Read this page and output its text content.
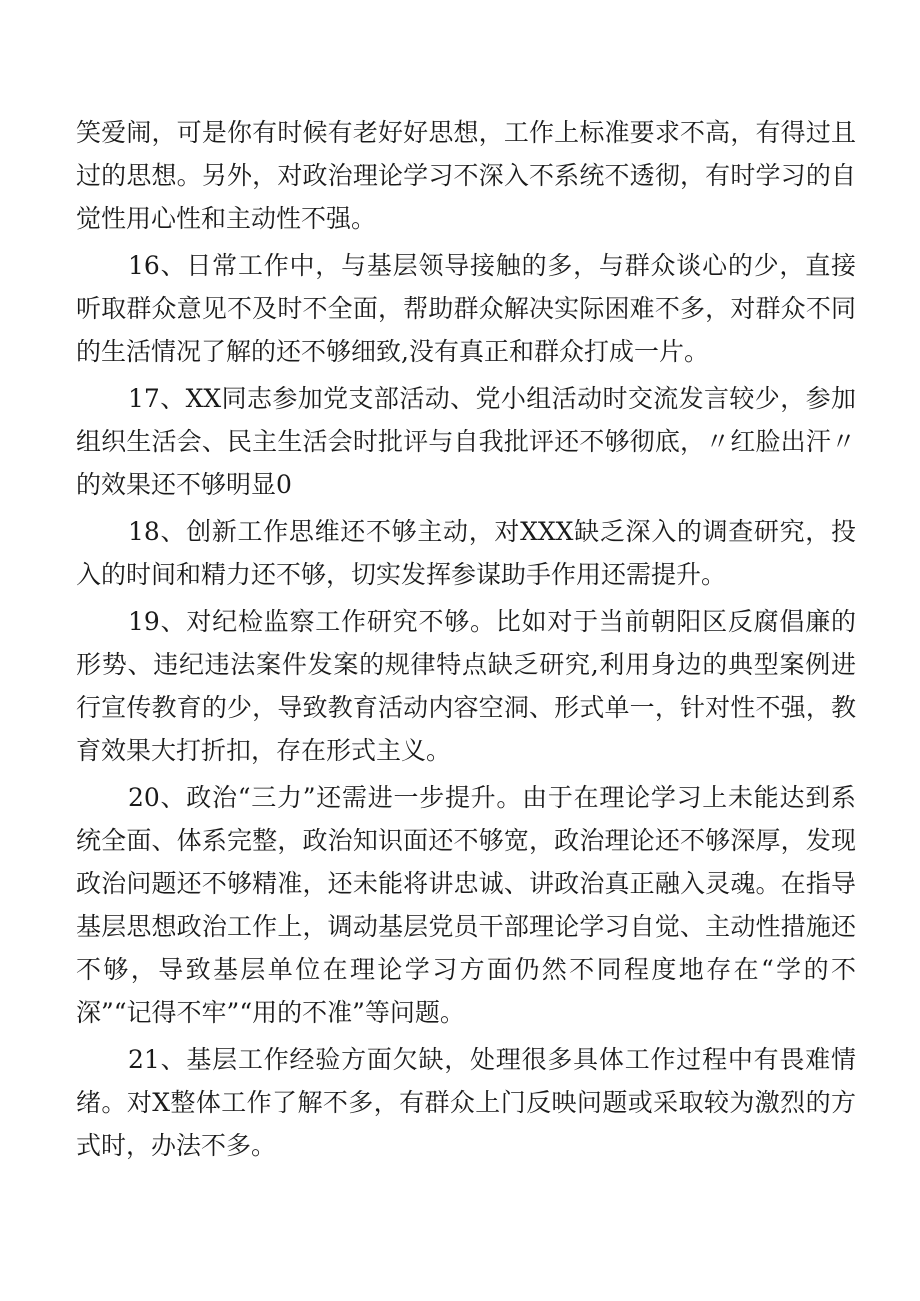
笑爱闹，可是你有时候有老好好思想，工作上标准要求不高，有得过且过的思想。另外，对政治理论学习不深入不系统不透彻，有时学习的自觉性用心性和主动性不强。

16、日常工作中，与基层领导接触的多，与群众谈心的少，直接听取群众意见不及时不全面，帮助群众解决实际困难不多，对群众不同的生活情况了解的还不够细致,没有真正和群众打成一片。

17、XX同志参加党支部活动、党小组活动时交流发言较少，参加组织生活会、民主生活会时批评与自我批评还不够彻底，〃红脸出汗〃的效果还不够明显0

18、创新工作思维还不够主动，对XXX缺乏深入的调查研究，投入的时间和精力还不够，切实发挥参谋助手作用还需提升。

19、对纪检监察工作研究不够。比如对于当前朝阳区反腐倡廉的形势、违纪违法案件发案的规律特点缺乏研究,利用身边的典型案例进行宣传教育的少，导致教育活动内容空洞、形式单一，针对性不强，教育效果大打折扣，存在形式主义。

20、政治“三力”还需进一步提升。由于在理论学习上未能达到系统全面、体系完整，政治知识面还不够宽，政治理论还不够深厚，发现政治问题还不够精准，还未能将讲忠诚、讲政治真正融入灵魂。在指导基层思想政治工作上，调动基层党员干部理论学习自觉、主动性措施还不够，导致基层单位在理论学习方面仍然不同程度地存在“学的不深”“记得不牢”“用的不准”等问题。

21、基层工作经验方面欠缺，处理很多具体工作过程中有畏难情绪。对X整体工作了解不多，有群众上门反映问题或采取较为激烈的方式时，办法不多。
